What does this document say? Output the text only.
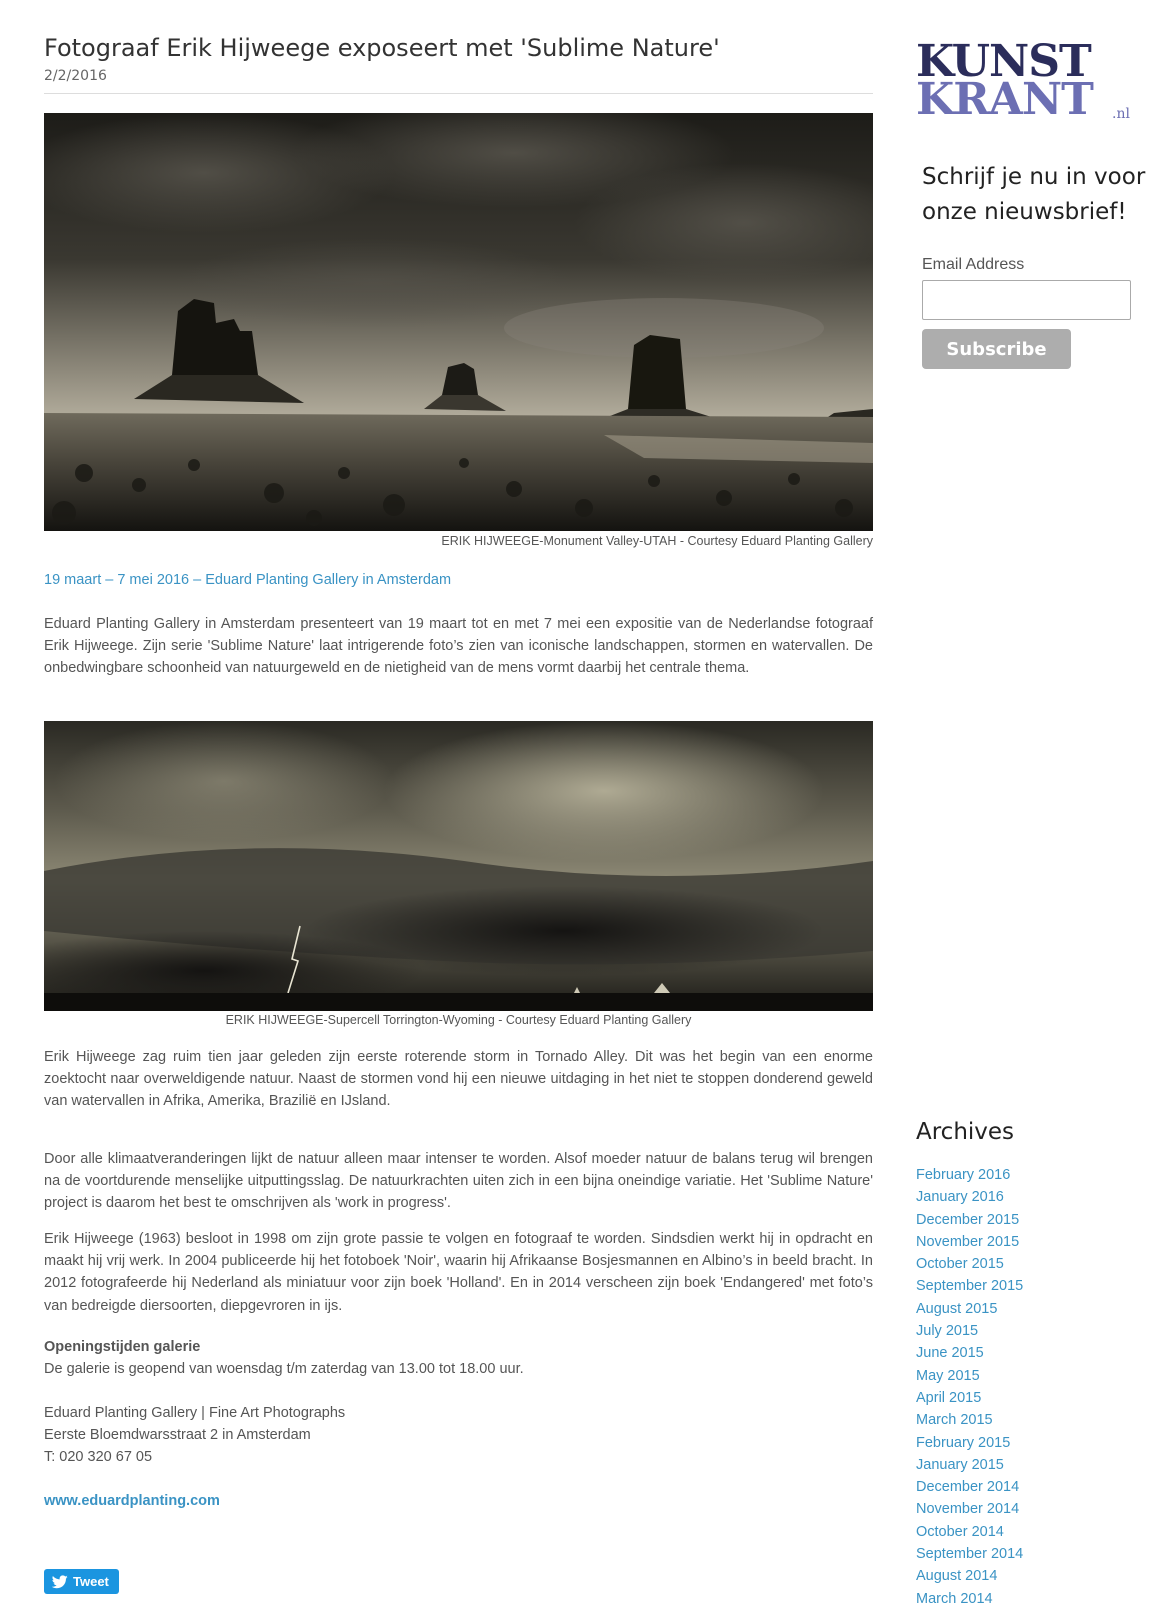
Fotograaf Erik Hijweege exposeert met 'Sublime Nature'
2/2/2016
ERIK HIJWEEGE-Monument Valley-UTAH - Courtesy Eduard Planting Gallery
19 maart – 7 mei 2016 – Eduard Planting Gallery in Amsterdam

Eduard Planting Gallery in Amsterdam presenteert van 19 maart tot en met 7 mei een expositie van de Nederlandse fotograaf Erik Hijweege. Zijn serie 'Sublime Nature' laat intrigerende foto’s zien van iconische landschappen, stormen en watervallen. De onbedwingbare schoonheid van natuurgeweld en de nietigheid van de mens vormt daarbij het centrale thema.

ERIK HIJWEEGE-Supercell Torrington-Wyoming - Courtesy Eduard Planting Gallery

Erik Hijweege zag ruim tien jaar geleden zijn eerste roterende storm in Tornado Alley. Dit was het begin van een enorme zoektocht naar overweldigende natuur. Naast de stormen vond hij een nieuwe uitdaging in het niet te stoppen donderend geweld van watervallen in Afrika, Amerika, Brazilië en IJsland.

Door alle klimaatveranderingen lijkt de natuur alleen maar intenser te worden. Alsof moeder natuur de balans terug wil brengen na de voortdurende menselijke uitputtingsslag. De natuurkrachten uiten zich in een bijna oneindige variatie. Het 'Sublime Nature' project is daarom het best te omschrijven als 'work in progress'.

Erik Hijweege (1963) besloot in 1998 om zijn grote passie te volgen en fotograaf te worden. Sindsdien werkt hij in opdracht en maakt hij vrij werk. In 2004 publiceerde hij het fotoboek 'Noir', waarin hij Afrikaanse Bosjesmannen en Albino’s in beeld bracht. In 2012 fotografeerde hij Nederland als miniatuur voor zijn boek 'Holland'. En in 2014 verscheen zijn boek 'Endangered' met foto’s van bedreigde diersoorten, diepgevroren in ijs.

Openingstijden galerie
De galerie is geopend van woensdag t/m zaterdag van 13.00 tot 18.00 uur.
Eduard Planting Gallery | Fine Art Photographs
Eerste Bloemdwarsstraat 2 in Amsterdam
T: 020 320 67 05
www.eduardplanting.com
Tweet
KUNST
KRANT .nl
Schrijf je nu in voor onze nieuwsbrief!
Email Address
Subscribe
Archives
February 2016
January 2016
December 2015
November 2015
October 2015
September 2015
August 2015
July 2015
June 2015
May 2015
April 2015
March 2015
February 2015
January 2015
December 2014
November 2014
October 2014
September 2014
August 2014
March 2014
